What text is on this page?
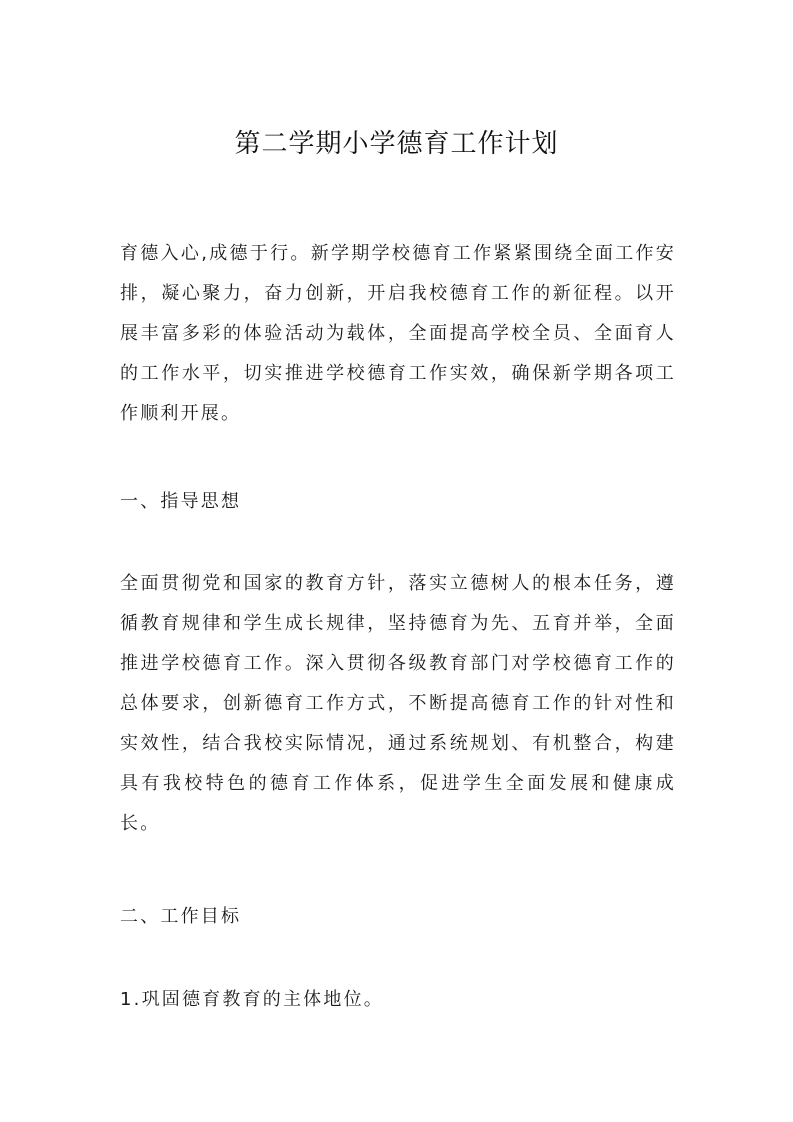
第二学期小学德育工作计划

育德入心,成德于行。新学期学校德育工作紧紧围绕全面工作安排，凝心聚力，奋力创新，开启我校德育工作的新征程。以开展丰富多彩的体验活动为载体，全面提高学校全员、全面育人的工作水平，切实推进学校德育工作实效，确保新学期各项工作顺利开展。

一、指导思想

全面贯彻党和国家的教育方针，落实立德树人的根本任务，遵循教育规律和学生成长规律，坚持德育为先、五育并举，全面推进学校德育工作。深入贯彻各级教育部门对学校德育工作的总体要求，创新德育工作方式，不断提高德育工作的针对性和实效性，结合我校实际情况，通过系统规划、有机整合，构建具有我校特色的德育工作体系，促进学生全面发展和健康成长。

二、工作目标

1.巩固德育教育的主体地位。
